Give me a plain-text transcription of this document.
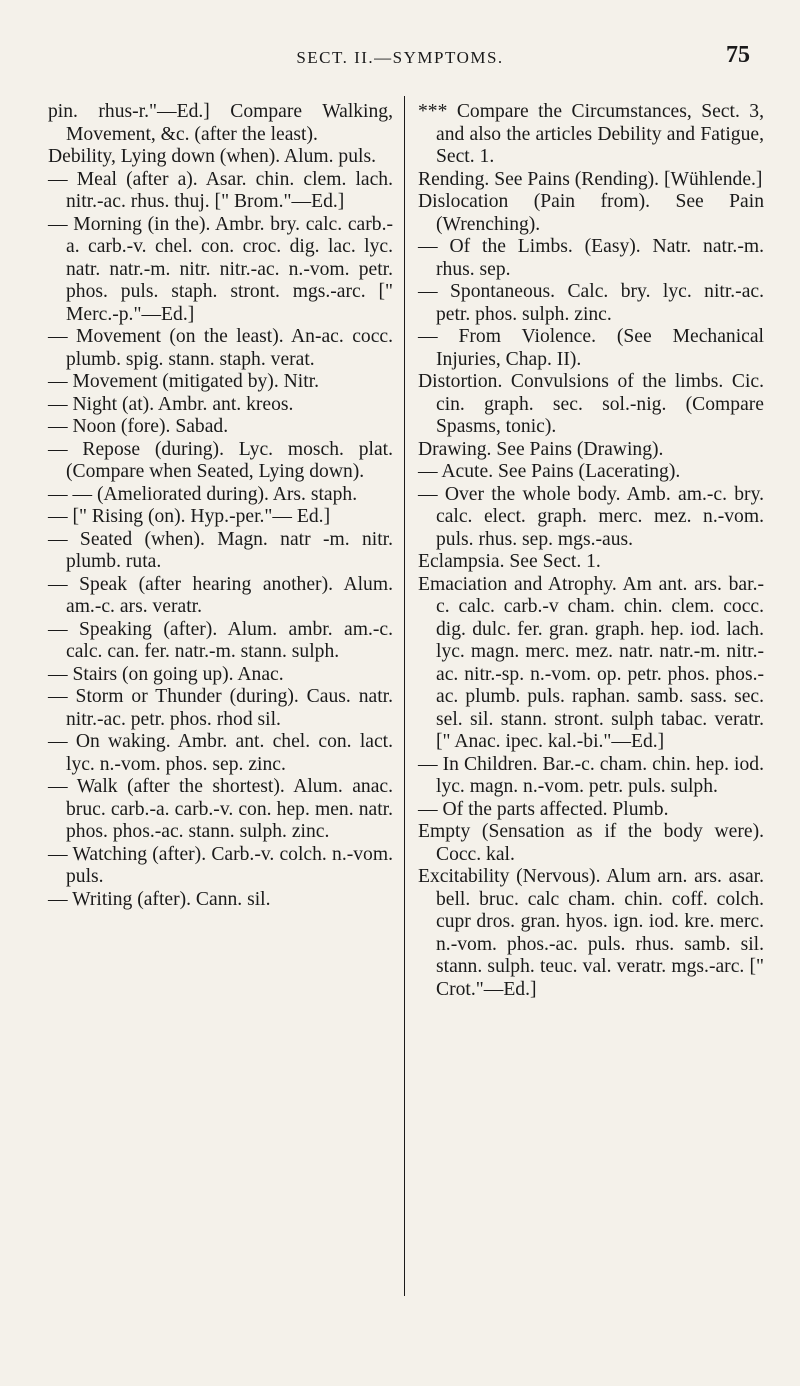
SECT. II.—SYMPTOMS.	75

pin. rhus-r."—Ed.] Compare Walking, Movement, &c. (after the least).

Debility, Lying down (when). Alum. puls.

— Meal (after a). Asar. chin. clem. lach. nitr.-ac. rhus. thuj. [" Brom."—Ed.]

— Morning (in the). Ambr. bry. calc. carb.-a. carb.-v. chel. con. croc. dig. lac. lyc. natr. natr.-m. nitr. nitr.-ac. n.-vom. petr. phos. puls. staph. stront. mgs.-arc. [" Merc.-p."—Ed.]

— Movement (on the least). An-ac. cocc. plumb. spig. stann. staph. verat.

— Movement (mitigated by). Nitr.

— Night (at). Ambr. ant. kreos.

— Noon (fore). Sabad.

— Repose (during). Lyc. mosch. plat. (Compare when Seated, Lying down).

— — (Ameliorated during). Ars. staph.

— [" Rising (on). Hyp.-per."— Ed.]

— Seated (when). Magn. natr -m. nitr. plumb. ruta.

— Speak (after hearing another). Alum. am.-c. ars. veratr.

— Speaking (after). Alum. ambr. am.-c. calc. can. fer. natr.-m. stann. sulph.

— Stairs (on going up). Anac.

— Storm or Thunder (during). Caus. natr. nitr.-ac. petr. phos. rhod sil.

— On waking. Ambr. ant. chel. con. lact. lyc. n.-vom. phos. sep. zinc.

— Walk (after the shortest). Alum. anac. bruc. carb.-a. carb.-v. con. hep. men. natr. phos. phos.-ac. stann. sulph. zinc.

— Watching (after). Carb.-v. colch. n.-vom. puls.

— Writing (after). Cann. sil.

*** Compare the Circumstances, Sect. 3, and also the articles Debility and Fatigue, Sect. 1.

Rending. See Pains (Rending). [Wühlende.]

Dislocation (Pain from). See Pain (Wrenching).

— Of the Limbs. (Easy). Natr. natr.-m. rhus. sep.

— Spontaneous. Calc. bry. lyc. nitr.-ac. petr. phos. sulph. zinc.

— From Violence. (See Mechanical Injuries, Chap. II).

Distortion. Convulsions of the limbs. Cic. cin. graph. sec. sol.-nig. (Compare Spasms, tonic).

Drawing. See Pains (Drawing).

— Acute. See Pains (Lacerating).

— Over the whole body. Amb. am.-c. bry. calc. elect. graph. merc. mez. n.-vom. puls. rhus. sep. mgs.-aus.

Eclampsia. See Sect. 1.

Emaciation and Atrophy. Am ant. ars. bar.-c. calc. carb.-v cham. chin. clem. cocc. dig. dulc. fer. gran. graph. hep. iod. lach. lyc. magn. merc. mez. natr. natr.-m. nitr.-ac. nitr.-sp. n.-vom. op. petr. phos. phos.-ac. plumb. puls. raphan. samb. sass. sec. sel. sil. stann. stront. sulph tabac. veratr. [" Anac. ipec. kal.-bi."—Ed.]

— In Children. Bar.-c. cham. chin. hep. iod. lyc. magn. n.-vom. petr. puls. sulph.

— Of the parts affected. Plumb.

Empty (Sensation as if the body were). Cocc. kal.

Excitability (Nervous). Alum arn. ars. asar. bell. bruc. calc cham. chin. coff. colch. cupr dros. gran. hyos. ign. iod. kre. merc. n.-vom. phos.-ac. puls. rhus. samb. sil. stann. sulph. teuc. val. veratr. mgs.-arc. [" Crot."—Ed.]
